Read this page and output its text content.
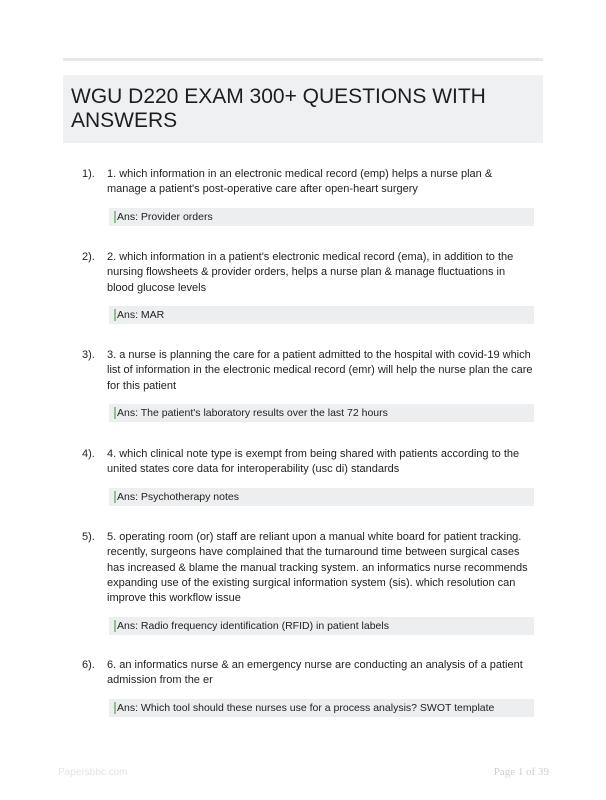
WGU D220 EXAM 300+ QUESTIONS WITH ANSWERS
1). 1. which information in an electronic medical record (emp) helps a nurse plan & manage a patient's post-operative care after open-heart surgery
Ans: Provider orders
2). 2. which information in a patient's electronic medical record (ema), in addition to the nursing flowsheets & provider orders, helps a nurse plan & manage fluctuations in blood glucose levels
Ans: MAR
3). 3. a nurse is planning the care for a patient admitted to the hospital with covid-19 which list of information in the electronic medical record (emr) will help the nurse plan the care for this patient
Ans: The patient's laboratory results over the last 72 hours
4). 4. which clinical note type is exempt from being shared with patients according to the united states core data for interoperability (usc di) standards
Ans: Psychotherapy notes
5). 5. operating room (or) staff are reliant upon a manual white board for patient tracking. recently, surgeons have complained that the turnaround time between surgical cases has increased & blame the manual tracking system. an informatics nurse recommends expanding use of the existing surgical information system (sis). which resolution can improve this workflow issue
Ans: Radio frequency identification (RFID) in patient labels
6). 6. an informatics nurse & an emergency nurse are conducting an analysis of a patient admission from the er
Ans: Which tool should these nurses use for a process analysis? SWOT template
Papersbbc.com	Page 1 of 39
